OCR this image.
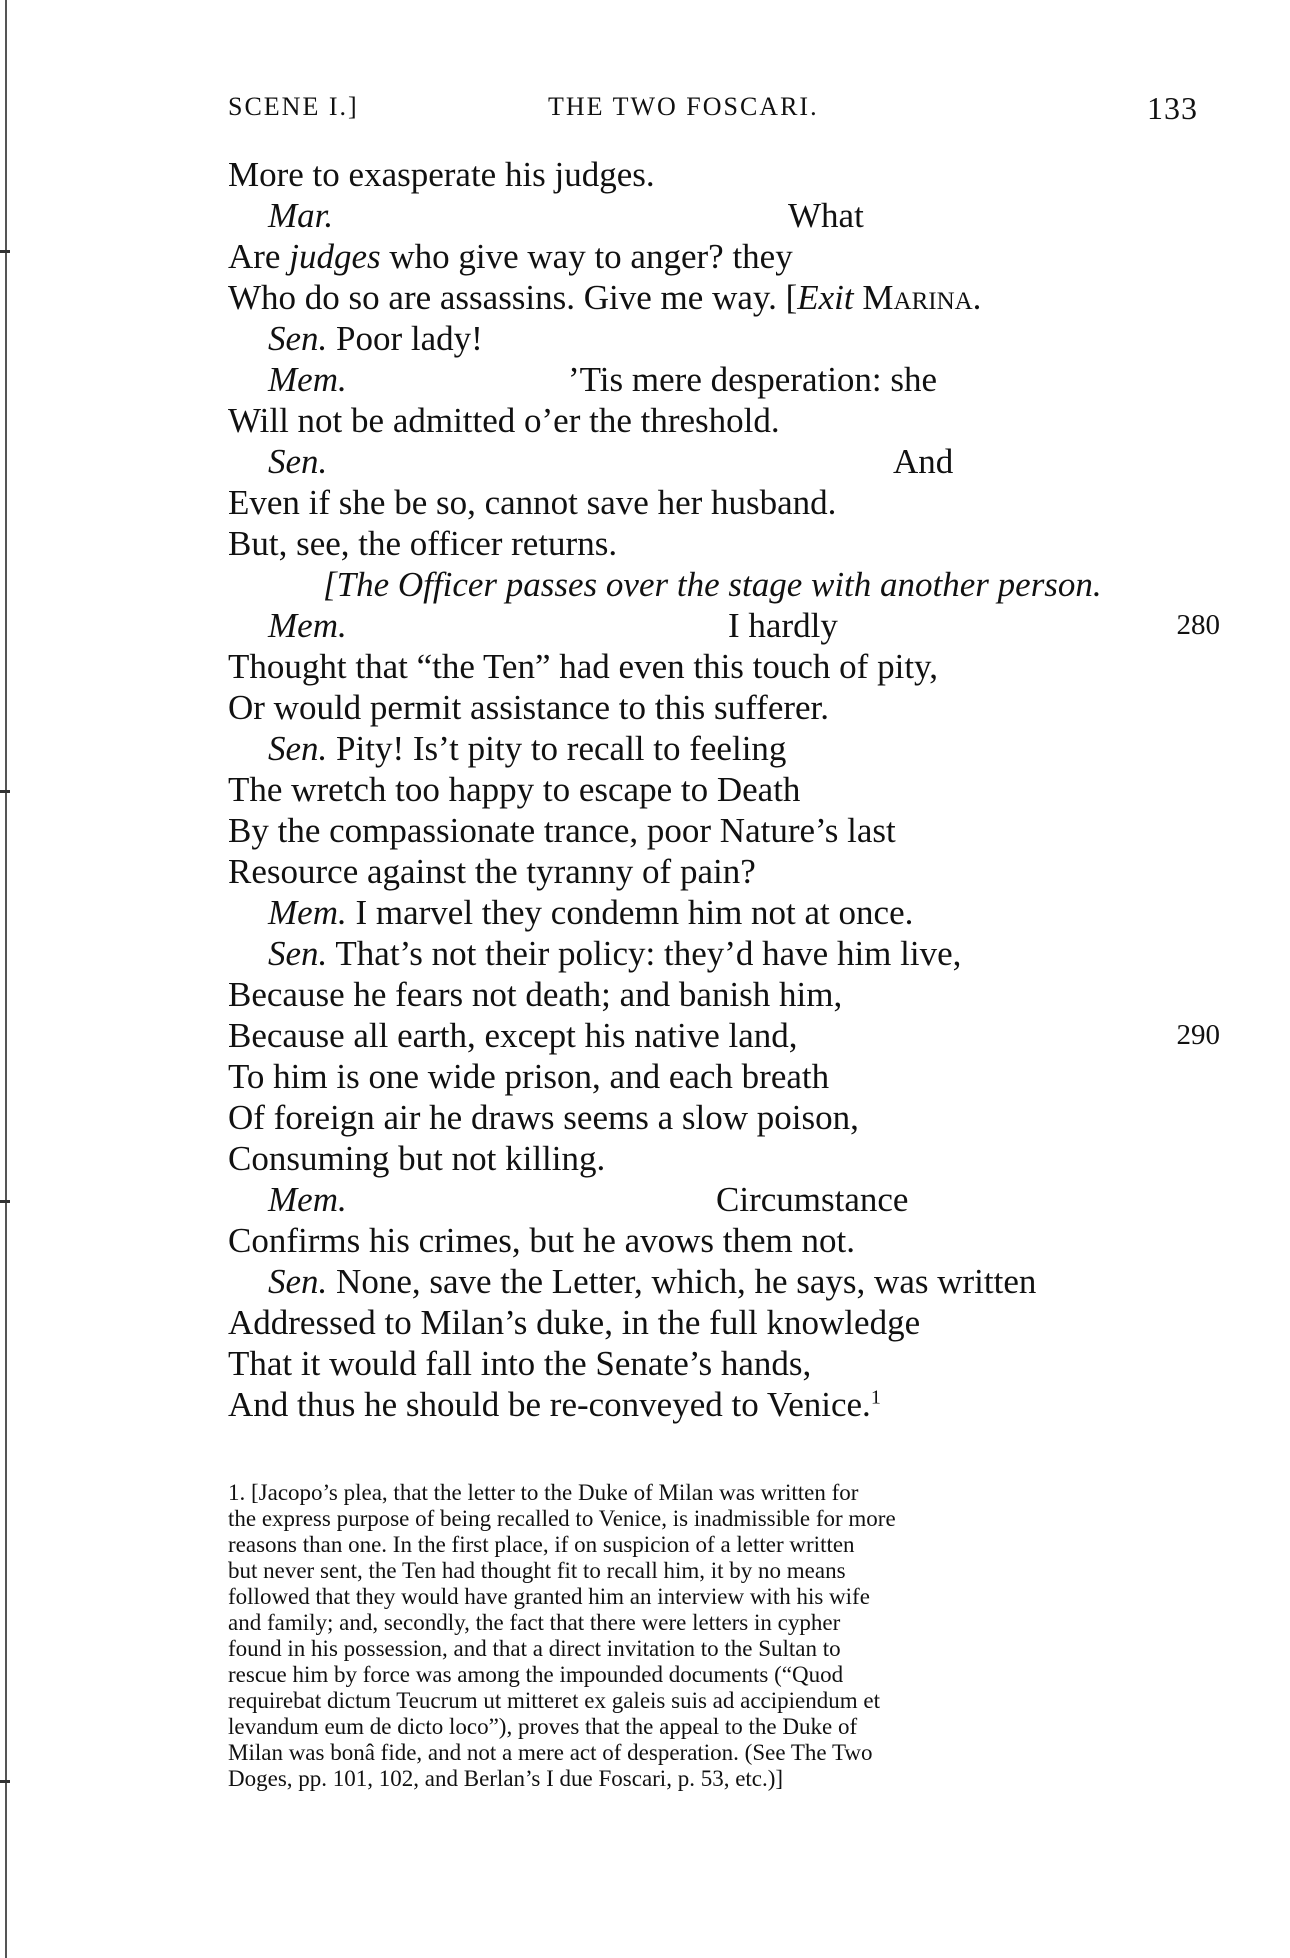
SCENE I.]	THE TWO FOSCARI.	133
More to exasperate his judges.
Mar.	What
Are judges who give way to anger? they
Who do so are assassins. Give me way. [Exit Marina.
Sen. Poor lady!
Mem.	’Tis mere desperation: she
Will not be admitted o’er the threshold.
Sen.	And
Even if she be so, cannot save her husband.
But, see, the officer returns.
[The Officer passes over the stage with another person.
Mem.	I hardly	280
Thought that “the Ten” had even this touch of pity,
Or would permit assistance to this sufferer.
Sen. Pity! Is’t pity to recall to feeling
The wretch too happy to escape to Death
By the compassionate trance, poor Nature’s last
Resource against the tyranny of pain?
Mem. I marvel they condemn him not at once.
Sen. That’s not their policy: they’d have him live,
Because he fears not death; and banish him,
Because all earth, except his native land,	290
To him is one wide prison, and each breath
Of foreign air he draws seems a slow poison,
Consuming but not killing.
Mem.	Circumstance
Confirms his crimes, but he avows them not.
Sen. None, save the Letter, which, he says, was written
Addressed to Milan’s duke, in the full knowledge
That it would fall into the Senate’s hands,
And thus he should be re-conveyed to Venice.$^1$
1. [Jacopo’s plea, that the letter to the Duke of Milan was written for
the express purpose of being recalled to Venice, is inadmissible for more
reasons than one. In the first place, if on suspicion of a letter written
but never sent, the Ten had thought fit to recall him, it by no means
followed that they would have granted him an interview with his wife
and family; and, secondly, the fact that there were letters in cypher
found in his possession, and that a direct invitation to the Sultan to
rescue him by force was among the impounded documents (“Quod
requirebat dictum Teucrum ut mitteret ex galeis suis ad accipiendum et
levandum eum de dicto loco”), proves that the appeal to the Duke of
Milan was bonâ fide, and not a mere act of desperation. (See The Two
Doges, pp. 101, 102, and Berlan’s I due Foscari, p. 53, etc.)]
